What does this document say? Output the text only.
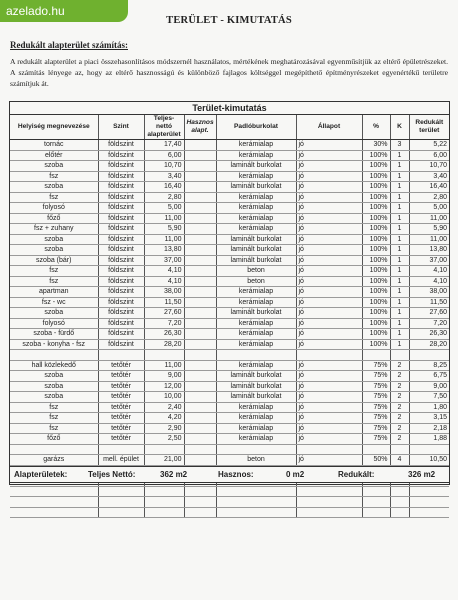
azelado.hu
TERÜLET - KIMUTATÁS
Redukált alapterület számítás:

A redukált alapterület a piaci összehasonlításos módszernél használatos, mértékének meghatározásával egyenműsítjük az eltérő épületrészeket. A számítás lényege az, hogy az eltérő hasznosságú és különböző fajlagos költséggel megépíthető építményrészeket egyenértékű területre számítjuk át.

Terület-kimutatás
Helyiség megnevezése	Szint	Teljes-nettó alapterület	Hasznos alapt.	Padlóburkolat	Állapot	%	K	Redukált terület
tornác	földszint	17,40		kerámialap	jó	30%	3	5,22
előtér	földszint	6,00		kerámialap	jó	100%	1	6,00
szoba	földszint	10,70		laminált burkolat	jó	100%	1	10,70
fsz	földszint	3,40		kerámialap	jó	100%	1	3,40
szoba	földszint	16,40		laminált burkolat	jó	100%	1	16,40
fsz	földszint	2,80		kerámialap	jó	100%	1	2,80
folyosó	földszint	5,00		kerámialap	jó	100%	1	5,00
főző	földszint	11,00		kerámialap	jó	100%	1	11,00
fsz + zuhany	földszint	5,90		kerámialap	jó	100%	1	5,90
szoba	földszint	11,00		laminált burkolat	jó	100%	1	11,00
szoba	földszint	13,80		laminált burkolat	jó	100%	1	13,80
szoba (bár)	földszint	37,00		laminált burkolat	jó	100%	1	37,00
fsz	földszint	4,10		beton	jó	100%	1	4,10
fsz	földszint	4,10		beton	jó	100%	1	4,10
apartman	földszint	38,00		kerámialap	jó	100%	1	38,00
fsz - wc	földszint	11,50		kerámialap	jó	100%	1	11,50
szoba	földszint	27,60		laminált burkolat	jó	100%	1	27,60
folyosó	földszint	7,20		kerámialap	jó	100%	1	7,20
szoba - fürdő	földszint	26,30		kerámialap	jó	100%	1	26,30
szoba - konyha - fsz	földszint	28,20		kerámialap	jó	100%	1	28,20

hall közlekedő	tetőtér	11,00		kerámialap	jó	75%	2	8,25
szoba	tetőtér	9,00		laminált burkolat	jó	75%	2	6,75
szoba	tetőtér	12,00		laminált burkolat	jó	75%	2	9,00
szoba	tetőtér	10,00		laminált burkolat	jó	75%	2	7,50
fsz	tetőtér	2,40		kerámialap	jó	75%	2	1,80
fsz	tetőtér	4,20		kerámialap	jó	75%	2	3,15
fsz	tetőtér	2,90		kerámialap	jó	75%	2	2,18
főző	tetőtér	2,50		kerámialap	jó	75%	2	1,88

garázs	mell. épület	21,00		beton	jó	50%	4	10,50

Alapterületek:	Teljes Nettó:	362 m2	Hasznos:	0 m2	Redukált:	326 m2
